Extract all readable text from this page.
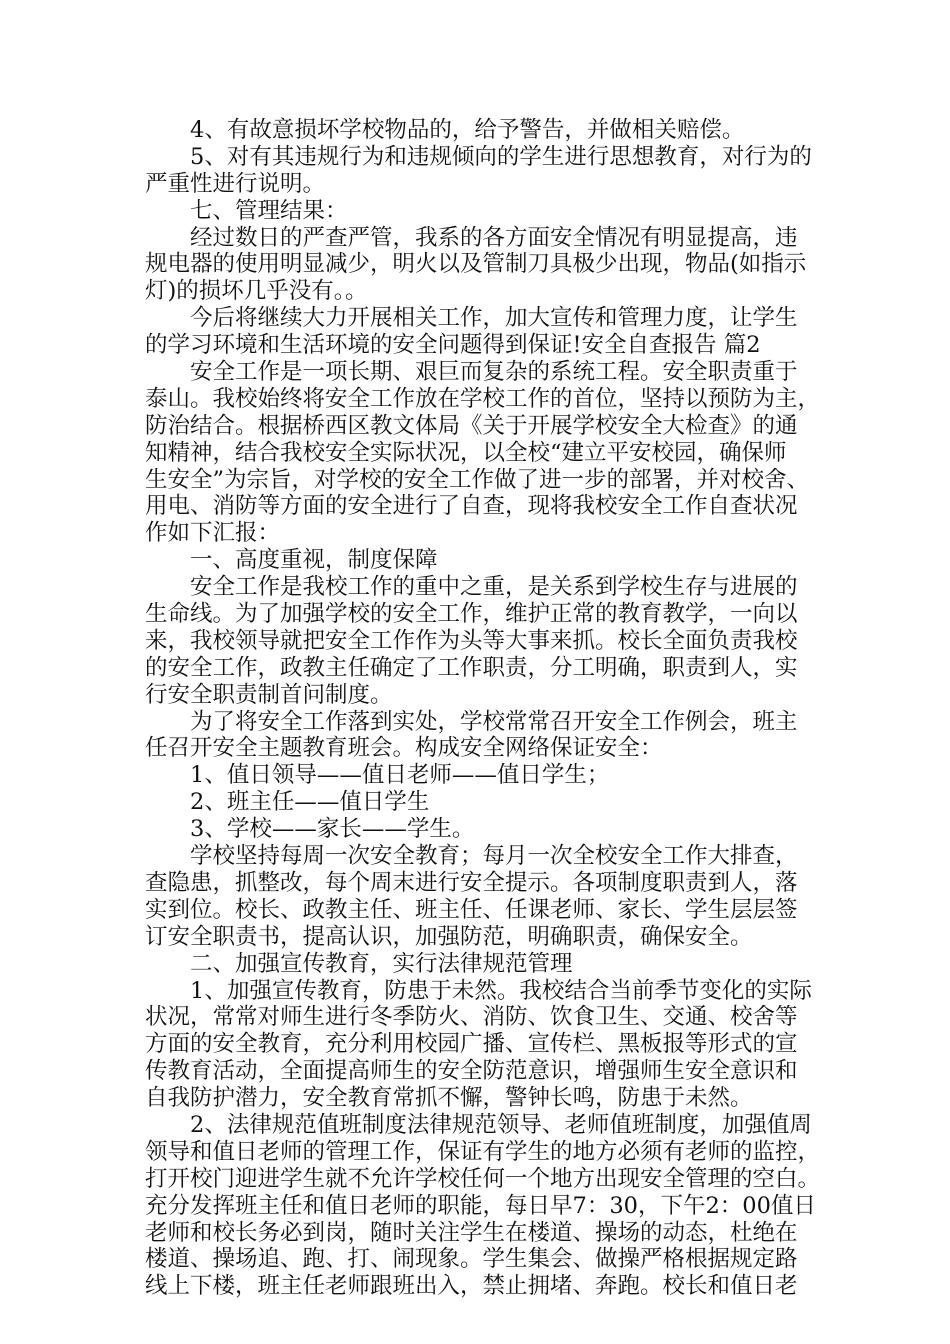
　　4、有故意损坏学校物品的，给予警告，并做相关赔偿。
　　5、对有其违规行为和违规倾向的学生进行思想教育，对行为的
严重性进行说明。
　　七、管理结果：
　　经过数日的严查严管，我系的各方面安全情况有明显提高，违
规电器的使用明显减少，明火以及管制刀具极少出现，物品(如指示
灯)的损坏几乎没有。。
　　今后将继续大力开展相关工作，加大宣传和管理力度，让学生
的学习环境和生活环境的安全问题得到保证!安全自查报告 篇2
　　安全工作是一项长期、艰巨而复杂的系统工程。安全职责重于
泰山。我校始终将安全工作放在学校工作的首位，坚持以预防为主，
防治结合。根据桥西区教文体局《关于开展学校安全大检查》的通
知精神，结合我校安全实际状况，以全校“建立平安校园，确保师
生安全”为宗旨，对学校的安全工作做了进一步的部署，并对校舍、
用电、消防等方面的安全进行了自查，现将我校安全工作自查状况
作如下汇报：
　　一、高度重视，制度保障
　　安全工作是我校工作的重中之重，是关系到学校生存与进展的
生命线。为了加强学校的安全工作，维护正常的教育教学，一向以
来，我校领导就把安全工作作为头等大事来抓。校长全面负责我校
的安全工作，政教主任确定了工作职责，分工明确，职责到人，实
行安全职责制首问制度。
　　为了将安全工作落到实处，学校常常召开安全工作例会，班主
任召开安全主题教育班会。构成安全网络保证安全：
　　1、值日领导——值日老师——值日学生；
　　2、班主任——值日学生
　　3、学校——家长——学生。
　　学校坚持每周一次安全教育；每月一次全校安全工作大排查，
查隐患，抓整改，每个周末进行安全提示。各项制度职责到人，落
实到位。校长、政教主任、班主任、任课老师、家长、学生层层签
订安全职责书，提高认识，加强防范，明确职责，确保安全。
　　二、加强宣传教育，实行法律规范管理
　　1、加强宣传教育，防患于未然。我校结合当前季节变化的实际
状况，常常对师生进行冬季防火、消防、饮食卫生、交通、校舍等
方面的安全教育，充分利用校园广播、宣传栏、黑板报等形式的宣
传教育活动，全面提高师生的安全防范意识，增强师生安全意识和
自我防护潜力，安全教育常抓不懈，警钟长鸣，防患于未然。
　　2、法律规范值班制度法律规范领导、老师值班制度，加强值周
领导和值日老师的管理工作，保证有学生的地方必须有老师的监控，
打开校门迎进学生就不允许学校任何一个地方出现安全管理的空白。
充分发挥班主任和值日老师的职能，每日早7：30，下午2：00值日
老师和校长务必到岗，随时关注学生在楼道、操场的动态，杜绝在
楼道、操场追、跑、打、闹现象。学生集会、做操严格根据规定路
线上下楼，班主任老师跟班出入，禁止拥堵、奔跑。校长和值日老
